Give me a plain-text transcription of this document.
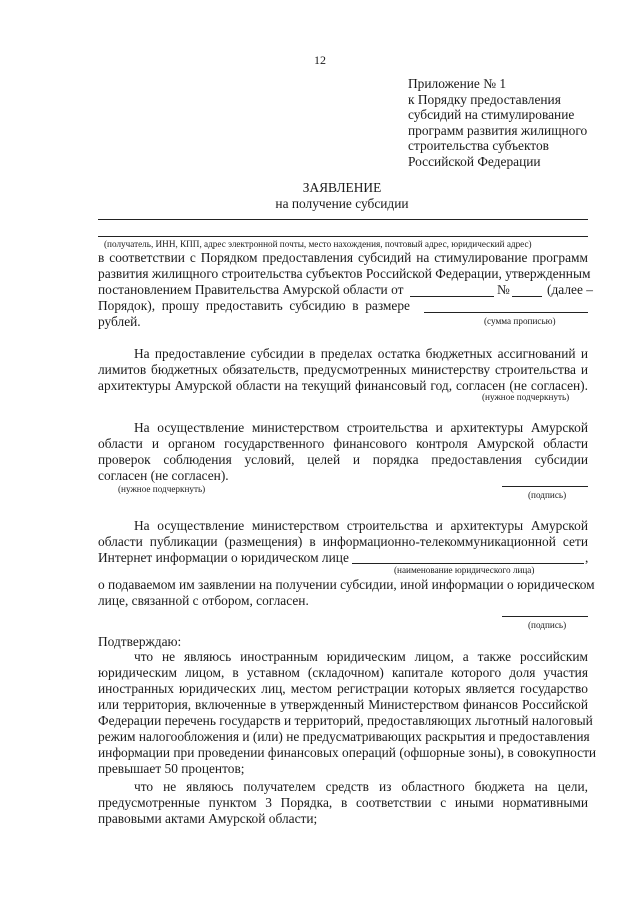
12
Приложение № 1
к Порядку предоставления
субсидий на стимулирование
программ развития жилищного
строительства субъектов
Российской Федерации
ЗАЯВЛЕНИЕ
на получение субсидии
(получатель, ИНН, КПП, адрес электронной почты, место нахождения, почтовый адрес, юридический адрес)
в соответствии с Порядком предоставления субсидий на стимулирование программ
развития жилищного строительства субъектов Российской Федерации, утвержденным
постановлением Правительства Амурской области от	№	(далее –
Порядок), прошу предоставить субсидию в размере
рублей.	(сумма прописью)
На предоставление субсидии в пределах остатка бюджетных ассигнований и
лимитов бюджетных обязательств, предусмотренных министерству строительства и
архитектуры Амурской области на текущий финансовый год, согласен (не согласен).
(нужное подчеркнуть)
На осуществление министерством строительства и архитектуры Амурской
области и органом государственного финансового контроля Амурской области
проверок соблюдения условий, целей и порядка предоставления субсидии
согласен (не согласен).
(нужное подчеркнуть)
(подпись)
На осуществление министерством строительства и архитектуры Амурской
области публикации (размещения) в информационно-телекоммуникационной сети
Интернет информации о юридическом лице	,
(наименование юридического лица)
о подаваемом им заявлении на получении субсидии, иной информации о юридическом
лице, связанной с отбором, согласен.
(подпись)
Подтверждаю:
что не являюсь иностранным юридическим лицом, а также российским
юридическим лицом, в уставном (складочном) капитале которого доля участия
иностранных юридических лиц, местом регистрации которых является государство
или территория, включенные в утвержденный Министерством финансов Российской
Федерации перечень государств и территорий, предоставляющих льготный налоговый
режим налогообложения и (или) не предусматривающих раскрытия и предоставления
информации при проведении финансовых операций (офшорные зоны), в совокупности
превышает 50 процентов;
что не являюсь получателем средств из областного бюджета на цели,
предусмотренные пунктом 3 Порядка, в соответствии с иными нормативными
правовыми актами Амурской области;
